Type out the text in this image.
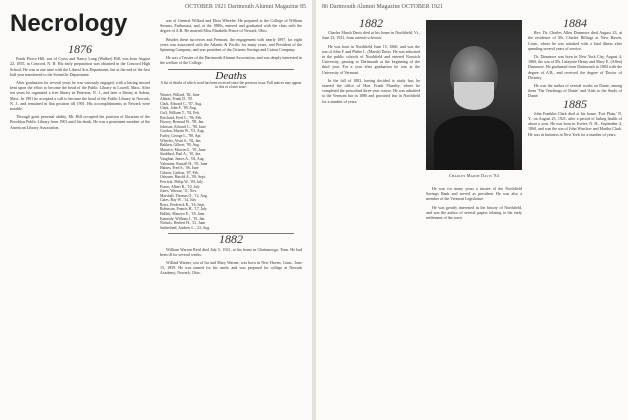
OCTOBER 1921 Dartmouth Alumni Magazine 85
Necrology
1876

Frank Pierce Hill, son of Cyrus and Nancy Long (Walker) Hill, was born August 22, 1855, in Concord, N. H. His early preparation was obtained in the Concord High School. He was at one time with the Liberal Arts Department, but at the end of the first half year transferred to the Scientific Department.

After graduation for several years he was variously engaged, with a lasting inward bent upon the effort to become the head of the Public Library in Lowell, Mass. After ten years he organized a free library in Paterson, N. J., and later a library at Salem, Mass. In 1901 he accepted a call to become the head of the Public Library in Newark, N. J., and remained in that position till 1901. His accomplishments in Newark were notable.

Through great personal ability, Mr. Hill occupied the position of librarian of the Brooklyn Public Library from 1901 until his death. He was a prominent member of the American Library Association.

son of General Willard and Eliza Wheeler. He prepared at the College of William Stearns, Enthusiast, and, at the 1880s, entered and graduated with the class with the degree of A.B. He married Miss Elizabeth Prince of Newark, Ohio.

Besides these successes and Fremont, the engagement with nearly 1897, for eight years was associated with the Atlantic & Pacific for many years, and President of the Spinning Company, and was president of the Citizens Savings and Cotton Company.

He was a Trustee of the Dartmouth Alumni Association, and was deeply interested in the welfare of the College.

Deaths
A list of deaths of which word has been received since the previous issue. Full notices may appear in this or a later issue.
Warner, Willard, '82, June
Abbott, Frank D., '85
Clark, Edward C., '87, Aug.
Clark, John F., '89, Aug.
Cuff, William T., '92, Feb.
Pritchard, Fred C., '96, Feb.
Fitzroy, Bernard W., '98, Jan.
Johnson, Edward C., '98, June
Gordon, Martin W., '01, Aug.
Farley, George L., '98, Apr.
Wheeler, Alvin S., '92, Jan.
Bakken, Gilbert, '99, Aug.
Maurice, Marvin G., '01, June
Stoddard, Paul A., '10, Jan.
Vaughan, James A., '04, Aug.
Valentine, Russell H., '05, June
Haines, Fred S., '06, June
Gibson, Carlton, '07, Feb.
Osborne, Harold A., '09, Sept.
Percival, Philip W., '09, July
Fraser, Albert R., '10, July
Jones, Watson, '11, Nov.
Marshall, Thomas O., '12, Aug.
Gates, Ray W., '14, July
Roux, Frederick R., '16, Sept.
Robinson, Francis H., '17, July
Hallett, Maurice E., '18, June
Kennedy, William J., '19, Jan.
Nichols, Herbert H., '21, June
Sutherland, Andrew L., '23, Aug.
1882

William Warren Reid died July 5, 1921, at his home in Chattanooga, Tenn. He had been ill for several weeks.

Willard Warner, son of Ira and Mary Warner, was born in New Haven, Conn., June 15, 1859. He was named for his uncle, and was prepared for college at Newark Academy, Newark, Ohio.

86 Dartmouth Alumni Magazine OCTOBER 1921
1882

Charles Marsh Davis died at his home in Northfield, Vt., June 23, 1921, from arterial sclerosis.

He was born in Northfield June 15, 1860, and was the son of John F. and Phebe L. (Marsh) Davis. He was educated in the public schools of Northfield and entered Norwich University, passing to Dartmouth at the beginning of the third year. For a year after graduation he was at the University of Vermont.

In the fall of 1883, having decided to study law, he entered the office of Hon. Frank Plumley, where he completed the prescribed three-year course. He was admitted to the Vermont bar in 1886 and practised law in Northfield for a number of years.

Charles Marsh Davis '84

He was for many years a trustee of the Northfield Savings Bank and served as president. He was also a member of the Vermont Legislature.

He was greatly interested in the history of Northfield, and was the author of several papers relating to the early settlement of the town.

1884

Rev. Dr. Charles Allen Dinsmore died August 23, at the residence of Mr. Charles Billings at New Haven, Conn., where he was attacked with a fatal illness after spending several years of service.

Dr. Dinsmore was born in New York City, August 4, 1860, the son of Mr. Lafayette Henry and Mary E. (Allen) Dinsmore. He graduated from Dartmouth in 1884 with the degree of A.B., and received the degree of Doctor of Divinity.

He was the author of several works on Dante, among them 'The Teachings of Dante' and 'Aids to the Study of Dante'.

1885

John Franklin Clark died at his home, 'Fort Plain,' N. Y., on August 25, 1921, after a period of failing health of about a year. He was born in Exeter, N. H., September 4, 1860, and was the son of John Winslow and Martha Clark. He was in business in New York for a number of years.
